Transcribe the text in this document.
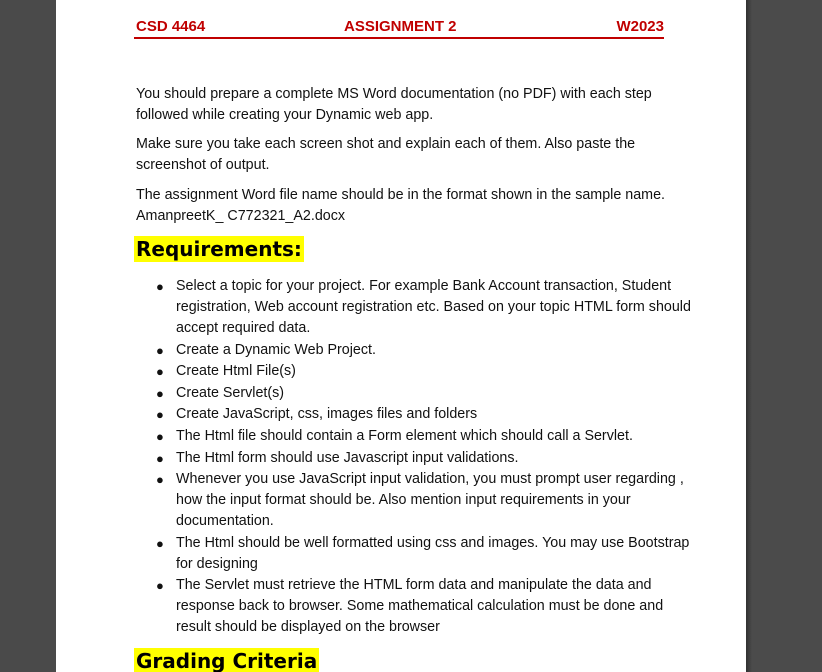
CSD 4464	ASSIGNMENT 2	W2023
You should prepare a complete MS Word documentation (no PDF) with each step followed while creating your Dynamic web app.
Make sure you take each screen shot and explain each of them. Also paste the screenshot of output.
The assignment Word file name should be in the format shown in the sample name. AmanpreetK_ C772321_A2.docx
Requirements:
● Select a topic for your project. For example Bank Account transaction, Student registration, Web account registration etc. Based on your topic HTML form should accept required data.
● Create a Dynamic Web Project.
● Create Html File(s)
● Create Servlet(s)
● Create JavaScript, css, images files and folders
● The Html file should contain a Form element which should call a Servlet.
● The Html form should use Javascript input validations.
● Whenever you use JavaScript input validation, you must prompt user regarding , how the input format should be. Also mention input requirements in your documentation.
● The Html should be well formatted using css and images. You may use Bootstrap for designing
● The Servlet must retrieve the HTML form data and manipulate the data and response back to browser. Some mathematical calculation must be done and result should be displayed on the browser
Grading Criteria
